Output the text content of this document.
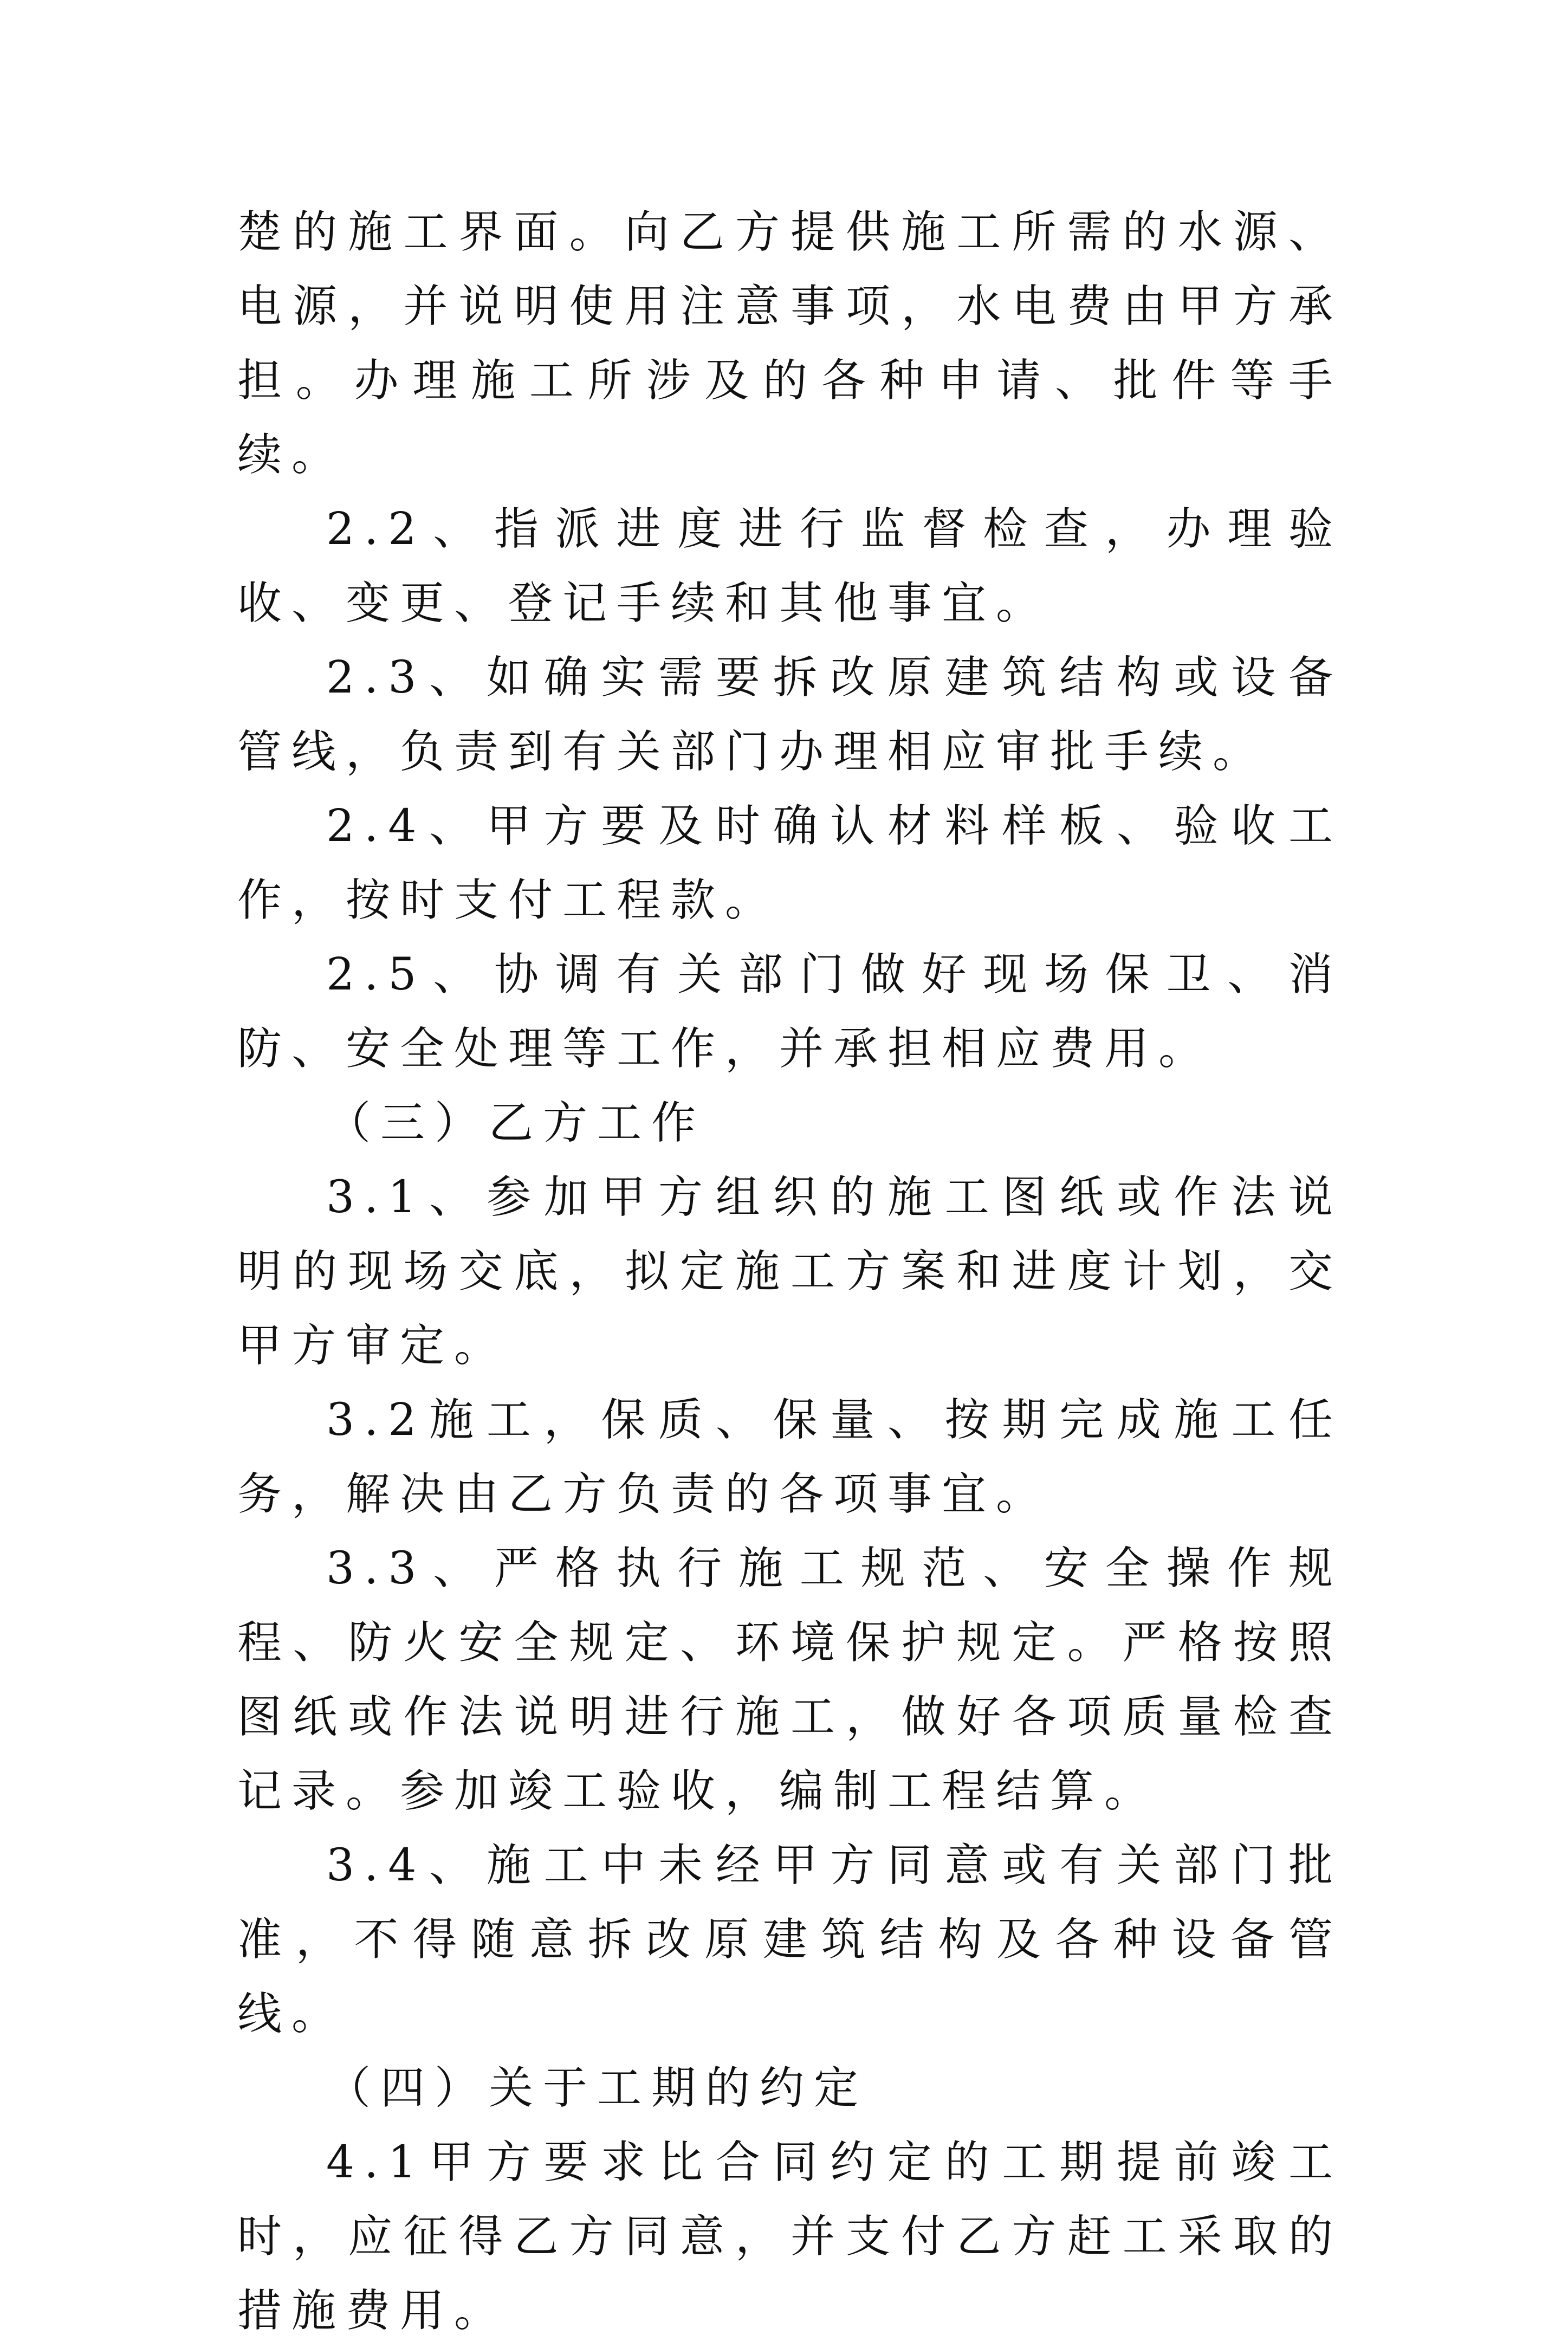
楚的施工界面。向乙方提供施工所需的水源、电源，并说明使用注意事项，水电费由甲方承担。办理施工所涉及的各种申请、批件等手续。

2.2、指派进度进行监督检查，办理验收、变更、登记手续和其他事宜。

2.3、如确实需要拆改原建筑结构或设备管线，负责到有关部门办理相应审批手续。

2.4、甲方要及时确认材料样板、验收工作，按时支付工程款。

2.5、协调有关部门做好现场保卫、消防、安全处理等工作，并承担相应费用。

（三）乙方工作

3.1、参加甲方组织的施工图纸或作法说明的现场交底，拟定施工方案和进度计划，交甲方审定。

3.2施工，保质、保量、按期完成施工任务，解决由乙方负责的各项事宜。

3.3、严格执行施工规范、安全操作规程、防火安全规定、环境保护规定。严格按照图纸或作法说明进行施工，做好各项质量检查记录。参加竣工验收，编制工程结算。

3.4、施工中未经甲方同意或有关部门批准，不得随意拆改原建筑结构及各种设备管线。

（四）关于工期的约定

4.1甲方要求比合同约定的工期提前竣工时，应征得乙方同意，并支付乙方赶工采取的措施费用。
